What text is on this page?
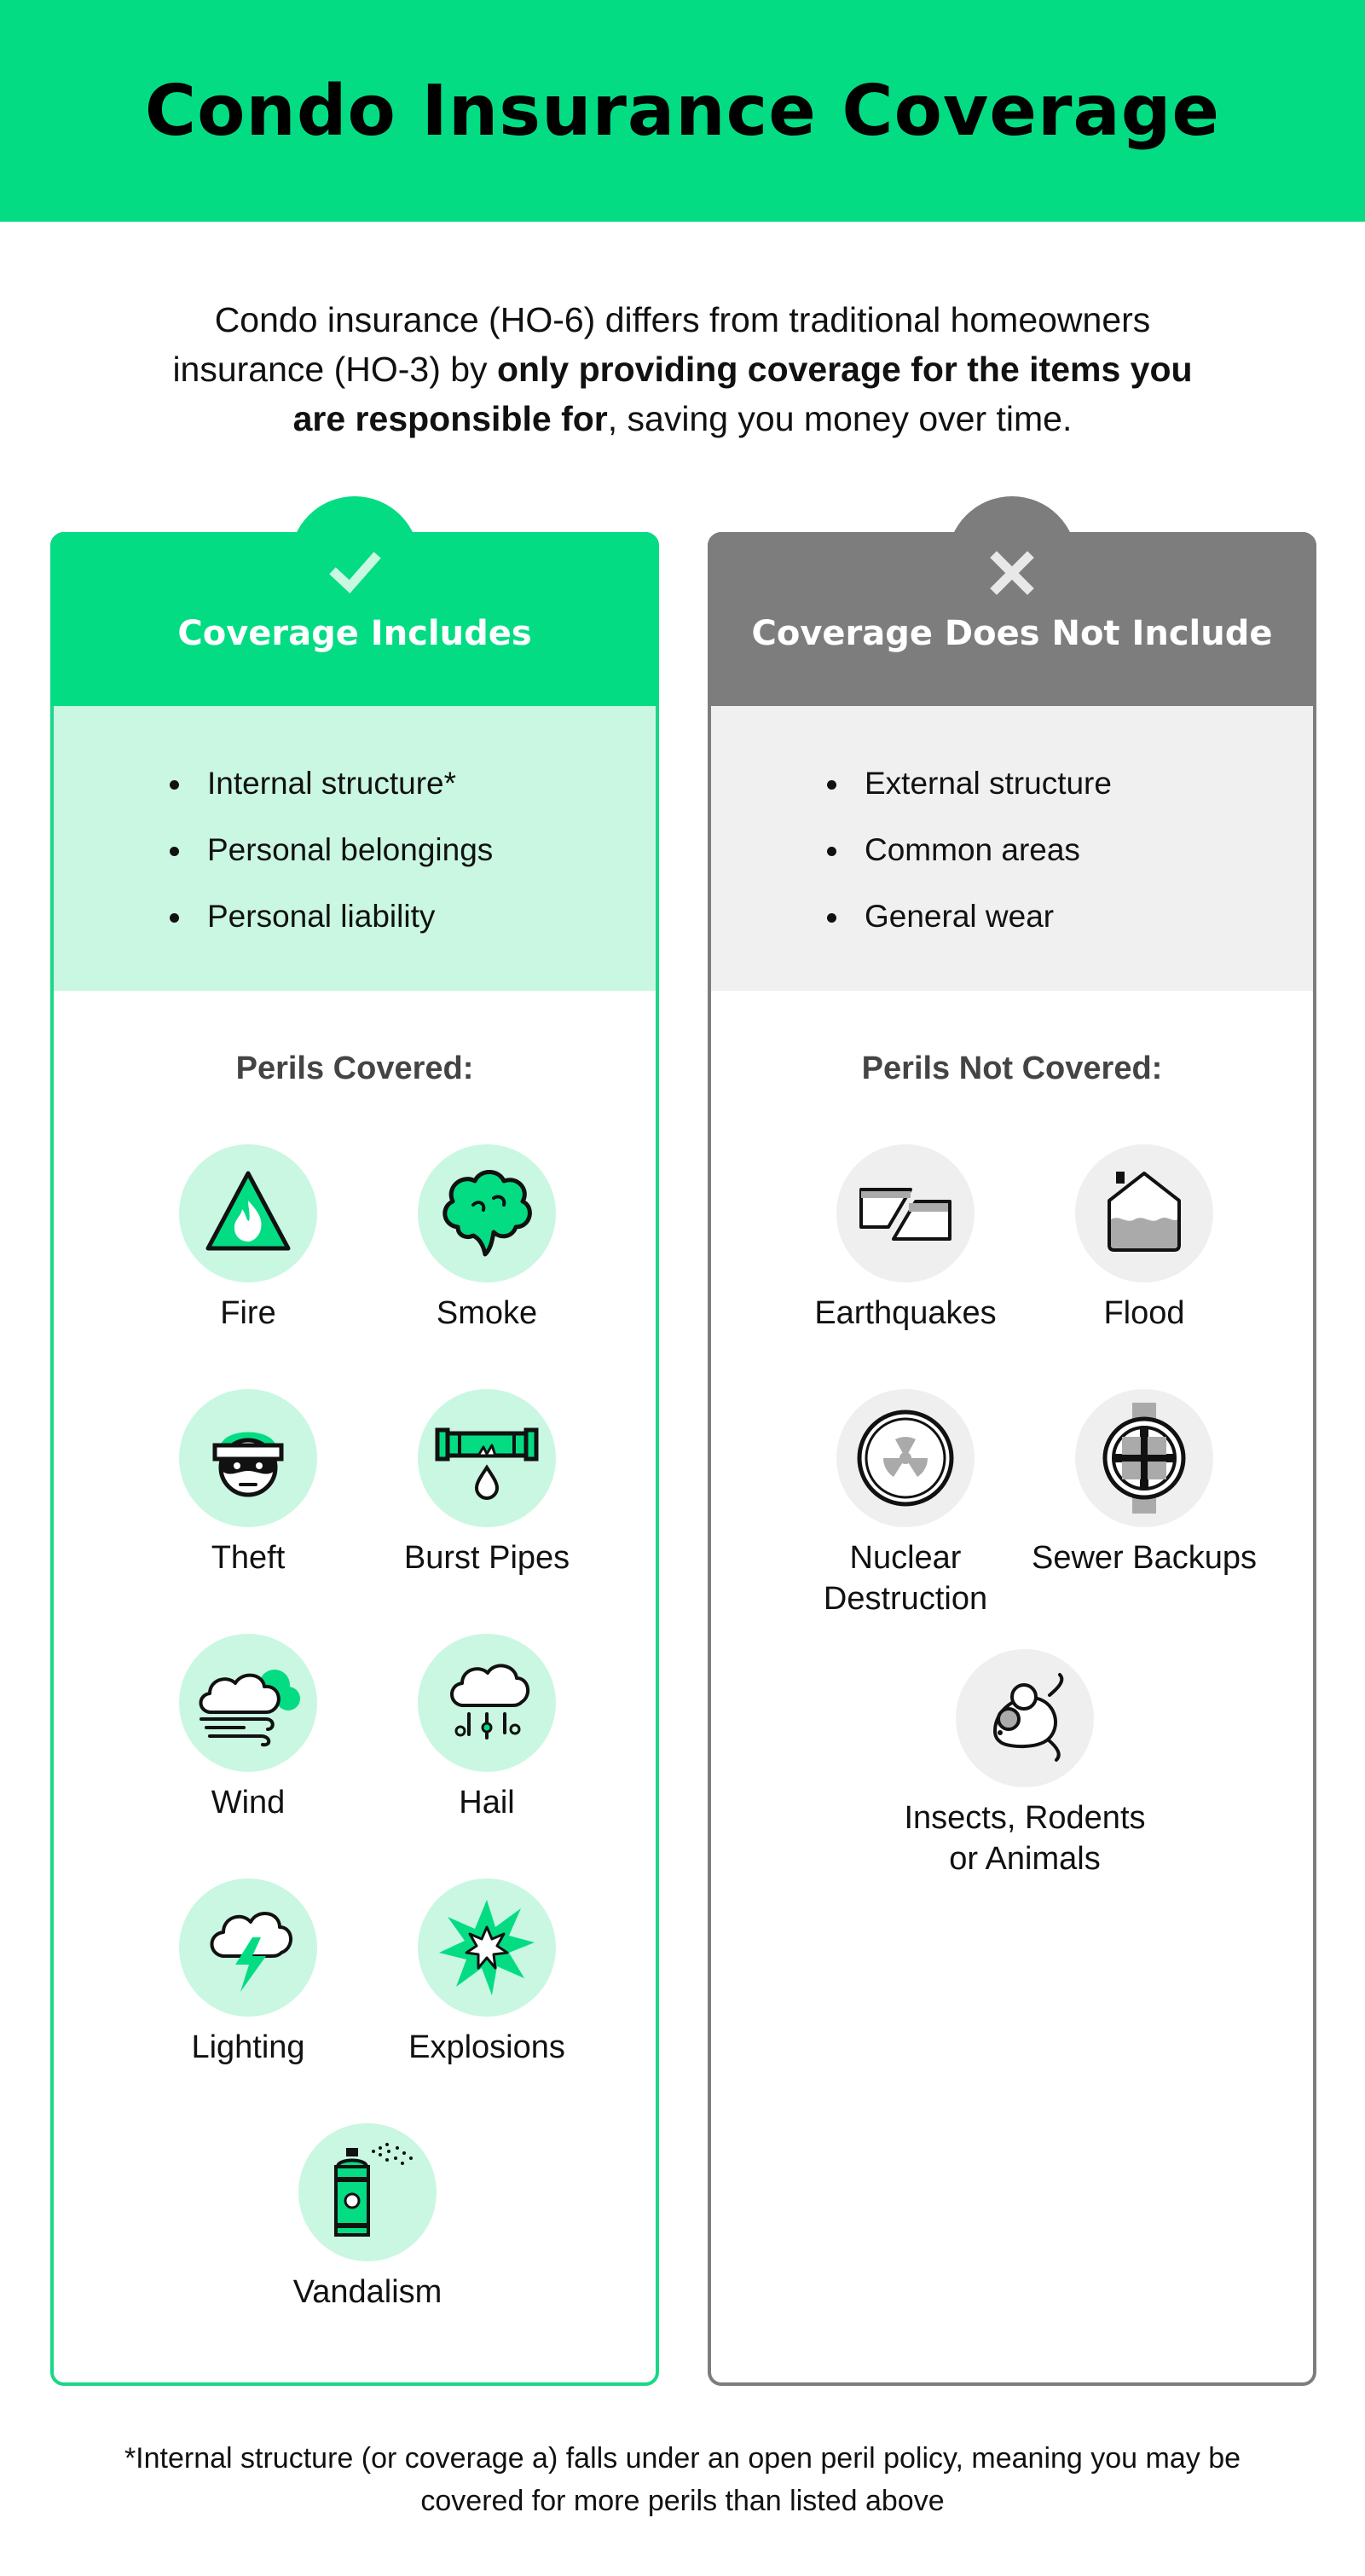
Condo Insurance Coverage

Condo insurance (HO-6) differs from traditional homeowners insurance (HO-3) by only providing coverage for the items you are responsible for, saving you money over time.

Coverage Includes
Internal structure*
Personal belongings
Personal liability
Perils Covered:
Fire	Smoke
Theft	Burst Pipes
Wind	Hail
Lighting	Explosions
Vandalism
Coverage Does Not Include
External structure
Common areas
General wear
Perils Not Covered:
Earthquakes	Flood
Nuclear Destruction
Sewer Backups
Insects, Rodents or Animals

*Internal structure (or coverage a) falls under an open peril policy, meaning you may be covered for more perils than listed above
